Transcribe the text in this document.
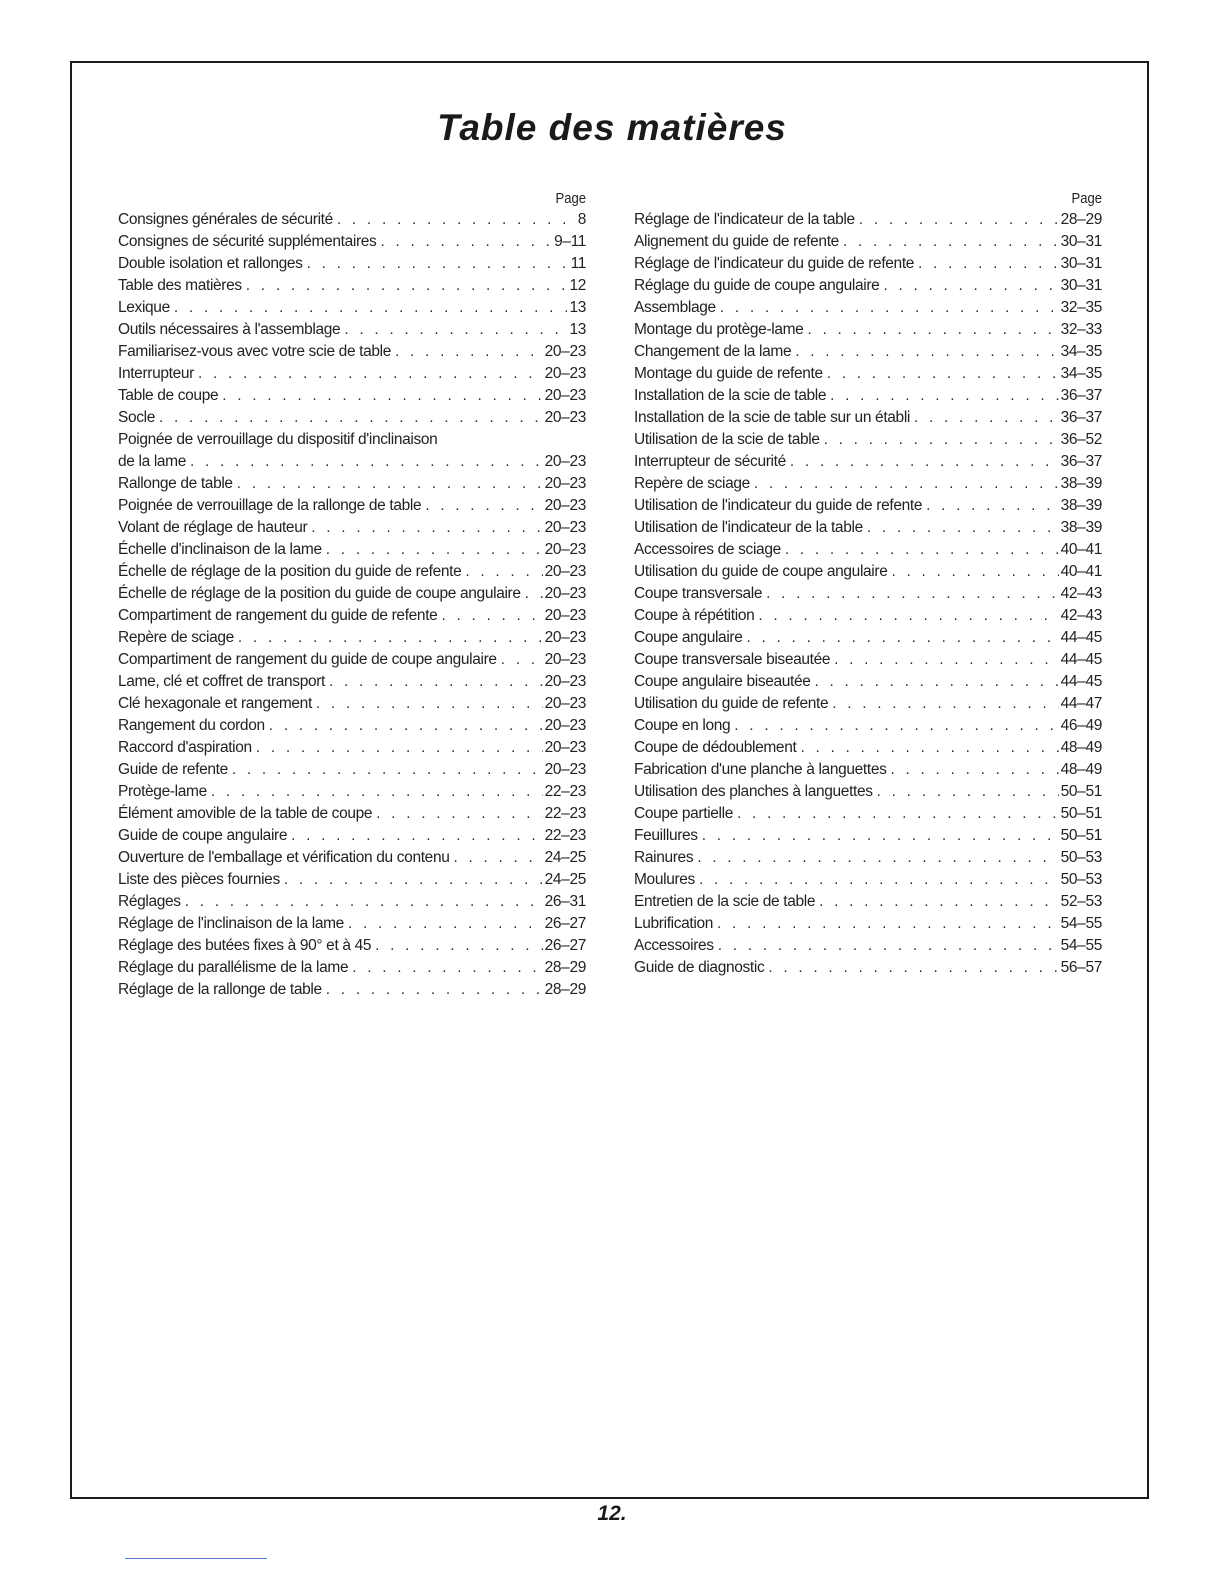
Table des matières
Page
Consignes générales de sécurité . . .	8
Consignes de sécurité supplémentaires . . .	9–11
Double isolation et rallonges . . .	11
Table des matières . . .	12
Lexique . . .	13
Outils nécessaires à l'assemblage . . .	13
Familiarisez-vous avec votre scie de table . . .	20–23
Interrupteur . . .	20–23
Table de coupe . . .	20–23
Socle . . .	20–23
Poignée de verrouillage du dispositif d'inclinaison
de la lame . . .	20–23
Rallonge de table . . .	20–23
Poignée de verrouillage de la rallonge de table . . .	20–23
Volant de réglage de hauteur . . .	20–23
Échelle d'inclinaison de la lame . . .	20–23
Échelle de réglage de la position du guide de refente . . .	20–23
Échelle de réglage de la position du guide de coupe angulaire . . . 20–23
Compartiment de rangement du guide de refente . . .	20–23
Repère de sciage . . .	20–23
Compartiment de rangement du guide de coupe angulaire . . .	20–23
Lame, clé et coffret de transport . . .	20–23
Clé hexagonale et rangement . . .	20–23
Rangement du cordon . . .	20–23
Raccord d'aspiration . . .	20–23
Guide de refente . . .	20–23
Protège-lame . . .	22–23
Élément amovible de la table de coupe . . .	22–23
Guide de coupe angulaire . . .	22–23
Ouverture de l'emballage et vérification du contenu . . .	24–25
Liste des pièces fournies . . .	24–25
Réglages . . .	26–31
Réglage de l'inclinaison de la lame . . .	26–27
Réglage des butées fixes à 90° et à 45 . . .	26–27
Réglage du parallélisme de la lame . . .	28–29
Réglage de la rallonge de table . . .	28–29
Page
Réglage de l'indicateur de la table . . .	28–29
Alignement du guide de refente . . .	30–31
Réglage de l'indicateur du guide de refente . . .	30–31
Réglage du guide de coupe angulaire . . .	30–31
Assemblage . . .	32–35
Montage du protège-lame . . .	32–33
Changement de la lame . . .	34–35
Montage du guide de refente . . .	34–35
Installation de la scie de table . . .	36–37
Installation de la scie de table sur un établi . . .	36–37
Utilisation de la scie de table . . .	36–52
Interrupteur de sécurité . . .	36–37
Repère de sciage . . .	38–39
Utilisation de l'indicateur du guide de refente . . .	38–39
Utilisation de l'indicateur de la table . . .	38–39
Accessoires de sciage . . .	40–41
Utilisation du guide de coupe angulaire . . .	40–41
Coupe transversale . . .	42–43
Coupe à répétition . . .	42–43
Coupe angulaire . . .	44–45
Coupe transversale biseautée . . .	44–45
Coupe angulaire biseautée . . .	44–45
Utilisation du guide de refente . . .	44–47
Coupe en long . . .	46–49
Coupe de dédoublement . . .	48–49
Fabrication d'une planche à languettes . . .	48–49
Utilisation des planches à languettes . . .	50–51
Coupe partielle . . .	50–51
Feuillures . . .	50–51
Rainures . . .	50–53
Moulures . . .	50–53
Entretien de la scie de table . . .	52–53
Lubrification . . .	54–55
Accessoires . . .	54–55
Guide de diagnostic . . .	56–57
12.
